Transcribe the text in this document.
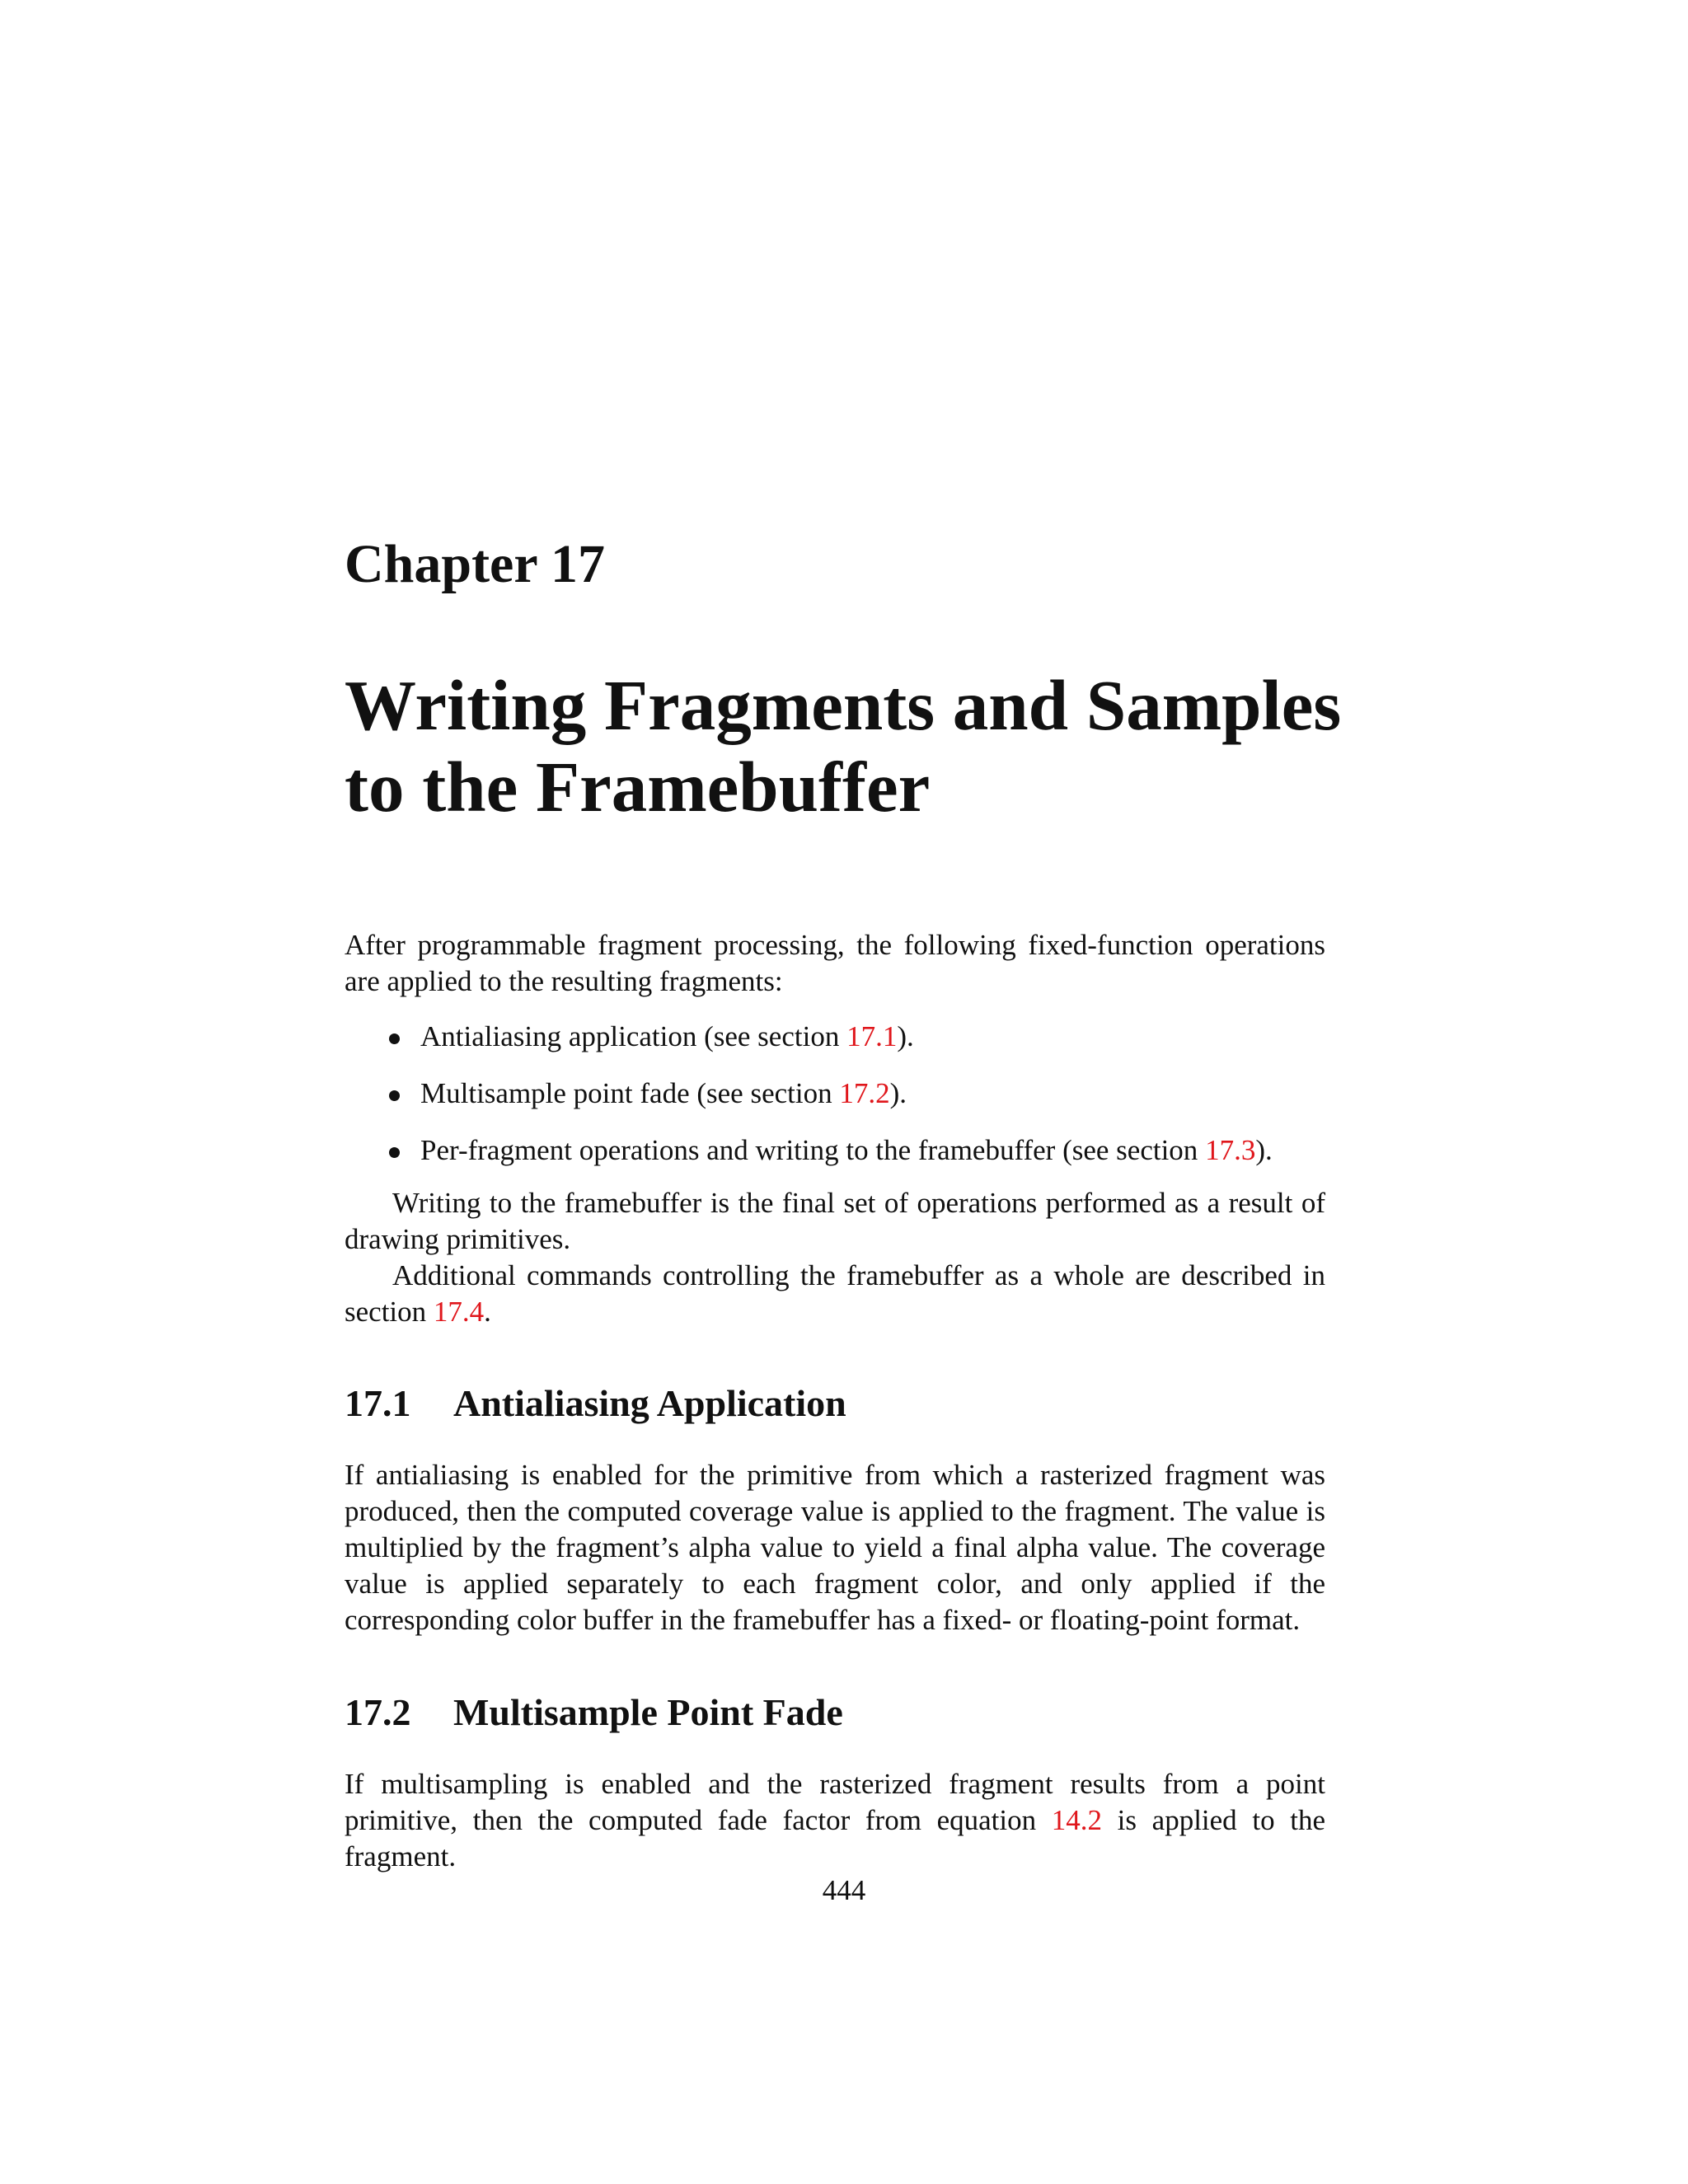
Chapter 17
Writing Fragments and Samples
to the Framebuffer

After programmable fragment processing, the following fixed-function operations are applied to the resulting fragments:

Antialiasing application (see section 17.1).
Multisample point fade (see section 17.2).
Per-fragment operations and writing to the framebuffer (see section 17.3).

Writing to the framebuffer is the final set of operations performed as a result of drawing primitives.

Additional commands controlling the framebuffer as a whole are described in section 17.4.

17.1 Antialiasing Application

If antialiasing is enabled for the primitive from which a rasterized fragment was produced, then the computed coverage value is applied to the fragment. The value is multiplied by the fragment’s alpha value to yield a final alpha value. The coverage value is applied separately to each fragment color, and only applied if the corresponding color buffer in the framebuffer has a fixed- or floating-point format.

17.2 Multisample Point Fade

If multisampling is enabled and the rasterized fragment results from a point primitive, then the computed fade factor from equation 14.2 is applied to the fragment.

444
